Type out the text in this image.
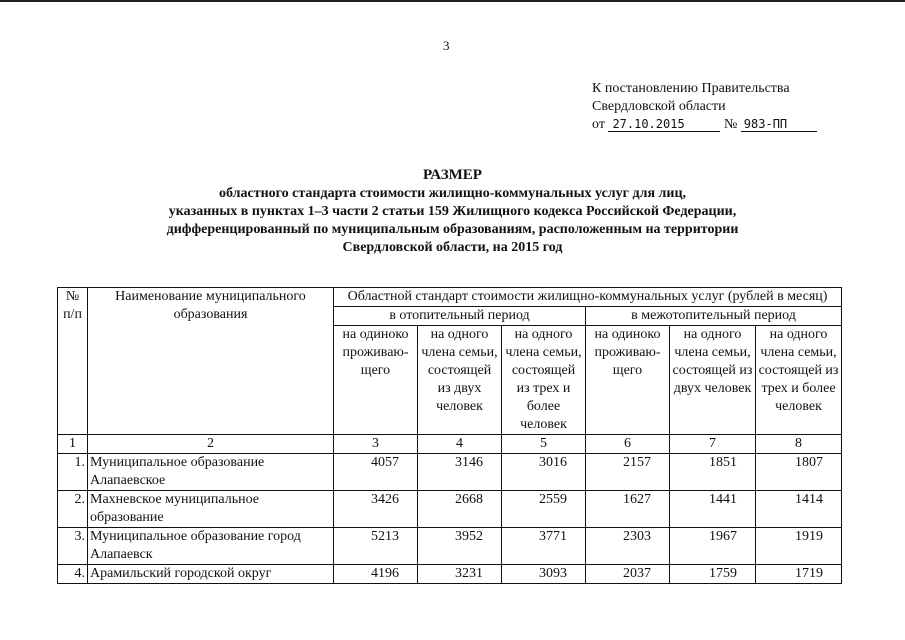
3
К постановлению Правительства
Свердловской области
от 27.10.2015	№ 983-ПП
РАЗМЕР
областного стандарта стоимости жилищно-коммунальных услуг для лиц,
указанных в пунктах 1–3 части 2 статьи 159 Жилищного кодекса Российской Федерации,
дифференцированный по муниципальным образованиям, расположенным на территории
Свердловской области, на 2015 год
№ п/п	Наименование муниципального образования	Областной стандарт стоимости жилищно-коммунальных услуг (рублей в месяц)					
		в отопительный период			в межотопительный период		
		на одиноко проживаю-щего	на одного члена семьи, состоящей из двух человек	на одного члена семьи, состоящей из трех и более человек	на одиноко проживаю-щего	на одного члена семьи, состоящей из двух человек	на одного члена семьи, состоящей из трех и более человек
1	2	3	4	5	6	7	8
1.	Муниципальное образование Алапаевское	4057	3146	3016	2157	1851	1807
2.	Махневское муниципальное образование	3426	2668	2559	1627	1441	1414
3.	Муниципальное образование город Алапаевск	5213	3952	3771	2303	1967	1919
4.	Арамильский городской округ	4196	3231	3093	2037	1759	1719
